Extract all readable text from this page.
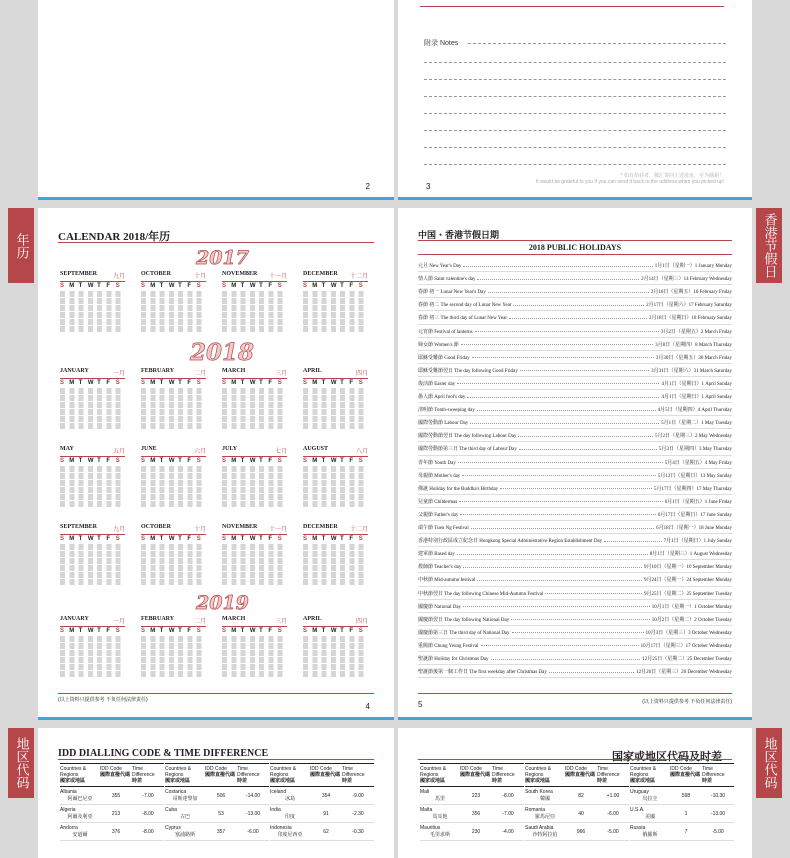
2
附录 Notes
* 如有拾获者，敬汇寄回上述址址，至为感谢！
It would be grateful to you if you can send it back to the address when you picked up!
3
年历	CALENDAR 2018/年历
2017
2018
2019
SEPTEMBER	九月
S M T W T F S
OCTOBER	十月
S M T W T F S
NOVEMBER 十一月
S M T W T F S
DECEMBER 十二月
S M T W T F S
JANUARY	一月
S M T W T F S
FEBRUARY	二月
S M T W T F S
MARCH	三月
S M T W T F S
APRIL	四月
S M T W T F S
MAY	五月
S M T W T F S
JUNE	六月
S M T W T F S
JULY	七月
S M T W T F S
AUGUST	八月
S M T W T F S
SEPTEMBER	九月
S M T W T F S
OCTOBER	十月
S M T W T F S
NOVEMBER 十一月
S M T W T F S
DECEMBER 十二月
S M T W T F S
JANUARY	一月
S M T W T F S
FEBRUARY	二月
S M T W T F S
MARCH	三月
S M T W T F S
APRIL	四月
S M T W T F S
(以上资料只提供参考 不负任何法律责任)
4
中国・香港节假日期
2018 PUBLIC HOLIDAYS
元旦 New Year's Day	1月1日（星期一）1 January Monday
情人節 Saint valentine's day	2月14日（星期三）14 February Wednesday
春節 初一 Lunar New Year's Day	2月16日（星期五）16 February Friday
春節 初二 The second day of Lunar New Year	2月17日（星期六）17 February Saturday
春節 初三 The third day of Lunar New Year	2月18日（星期日）18 February Sunday
元宵節 Festival of lanterns	3月2日（星期五）2 March Friday
婦女節 Women's 節	3月8日（星期四）8 March Thursday
耶穌受難節 Good Friday	3月30日（星期五）30 March Friday
耶穌受難節翌日 The day following Good Friday	3月31日（星期六）31 March Saturday
復活節 Easter day	4月1日（星期日）1 April Sunday
愚人節 April fool's day	4月1日（星期日）1 April Sunday
清明節 Tomb-sweeping day	4月5日（星期四）4 April Thursday
國際勞動節 Labour Day	5月1日（星期二）1 May Tuesday
國際勞動節翌日 The day following Labour Day	5月2日（星期三）2 May Wednesday
國際勞動節第三日 The third day of Labour Day	5月3日（星期四）3 May Thursday
青年節 Youth Day	5月4日（星期五）4 May Friday
母親節 Mother's day	5月13日（星期日）13 May Sunday
佛誕 Holiday for the Buddha's Birthday	5月17日（星期四）17 May Thursday
兒童節 Childermas	6月1日（星期五）1 June Friday
父親節 Father's day	6月17日（星期日）17 June Sunday
端午節 Tuen Ng Festival	6月18日（星期一）18 June Monday
香港特別行政區成立紀念日 Hongkong Special Administrative Region Establishment Day	7月1日（星期日）1 July Sunday
建軍節 Based day	8月1日（星期三）1 August Wednesday
教師節 Teacher's day	9月10日（星期一）10 September Monday
中秋節 Mid-autumn festival	9月24日（星期一）24 September Monday
中秋節翌日 The day following Chinese Mid-Autumn Festival	9月25日（星期二）25 September Tuesday
國慶節 National Day	10月1日（星期一）1 October Monday
國慶節翌日 The day following National Day	10月2日（星期二）2 October Tuesday
國慶節第三日 The third day of National Day	10月3日（星期三）3 October Wednesday
重陽節 Chung Yeung Festival	10月17日（星期三）17 October Wednesday
聖誕節 Holiday for Christmas Day	12月25日（星期二）25 December Tuesday
聖誕節後第一個工作日 The first weekday after Christmas Day	12月26日（星期三）26 December Wednesday
(以上资料只提供参考 不负任何法律责任)
5
香港节假日
地区代码	IDD DIALLING CODE & TIME DIFFERENCE
Countries & Regions
國家或地區
IDD Code
國際直撥代碼
Time Difference
時差
Albania
阿爾巴尼亞
355	-7.00
Algeria
阿爾及利亞
213	-8.00
Andorra
安道爾
376	-8.00
Countries & Regions
國家或地區
IDD Code
國際直撥代碼
Time Difference
時差
Costarica
哥斯達黎加
506	-14.00
Cuba
古巴
53	-13.00
Cyprus
塞浦路斯
357	-6.00
Countries & Regions
國家或地區
IDD Code
國際直撥代碼
Time Difference
時差
Iceland
冰島
354	-9.00
India
印度
91	-2.30
Indonesia
印度尼西亞
62	-0.30
国家或地区代码及时差
Countries & Regions
國家或地區
IDD Code
國際直撥代碼
Time Difference
時差
Mali
馬里
223	-8.00
Malta
馬耳他
356	-7.00
Mauritius
毛里求斯
230	-4.00
Countries & Regions
國家或地區
IDD Code
國際直撥代碼
Time Difference
時差
South Korea
韓國
82	+1.00
Romania
羅馬尼亞
40	-6.00
Saudi Arabia
沙特阿拉伯
966	-5.00
Countries & Regions
國家或地區
IDD Code
國際直撥代碼
Time Difference
時差
Uruguay
烏拉圭
598	-10.30
U.S.A.
美國
1	-13.00
Russia
俄羅斯
7	-5.00
地区代码
